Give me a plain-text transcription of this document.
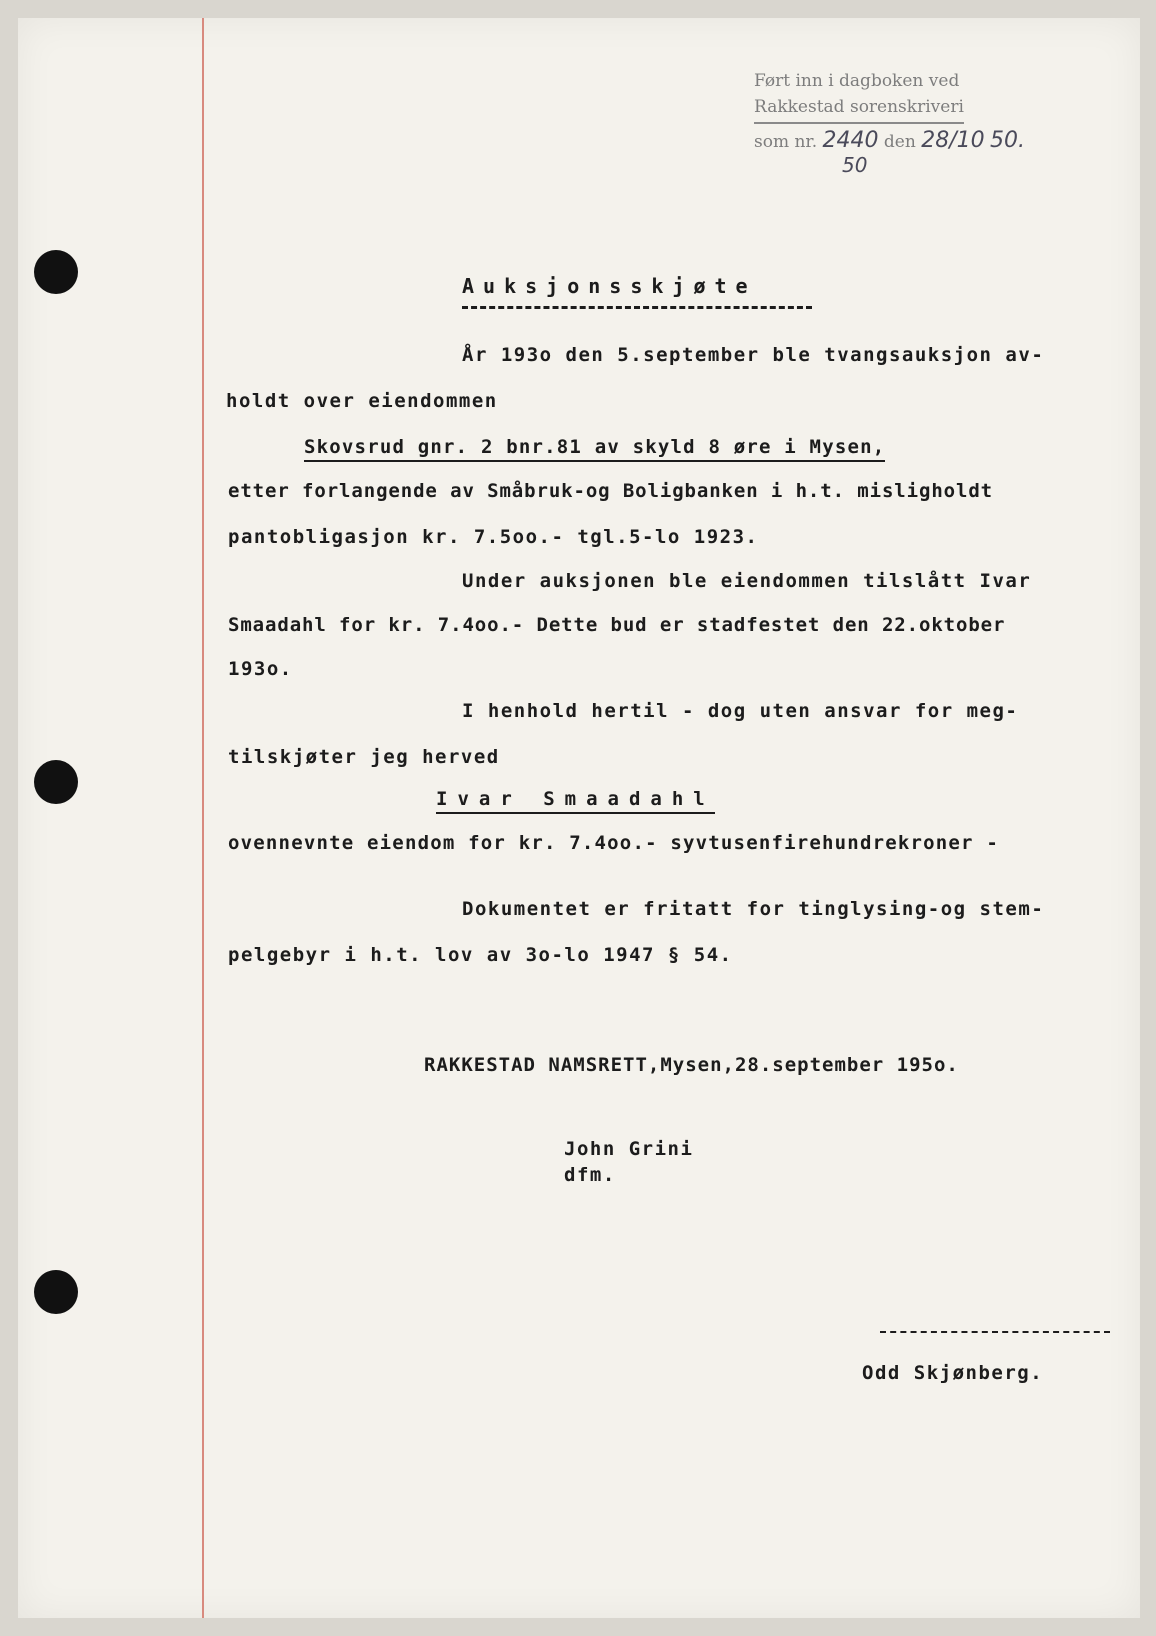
Ført inn i dagboken ved
Rakkestad sorenskriveri
som nr. 2440 den 28/10 50.
50
Auksjonsskjøte
År 193o den 5.september ble tvangsauksjon av-
holdt over eiendommen
Skovsrud gnr. 2 bnr.81 av skyld 8 øre i Mysen,
etter forlangende av Småbruk-og Boligbanken i h.t. misligholdt
pantobligasjon kr. 7.5oo.- tgl.5-lo 1923.
Under auksjonen ble eiendommen tilslått Ivar
Smaadahl for kr. 7.4oo.- Dette bud er stadfestet den 22.oktober
193o.
I henhold hertil - dog uten ansvar for meg-
tilskjøter jeg herved
Ivar Smaadahl
ovennevnte eiendom for kr. 7.4oo.- syvtusenfirehundrekroner -
Dokumentet er fritatt for tinglysing-og stem-
pelgebyr i h.t. lov av 3o-lo 1947 § 54.
RAKKESTAD NAMSRETT,Mysen,28.september 195o.
John Grini
dfm.
Odd Skjønberg.
